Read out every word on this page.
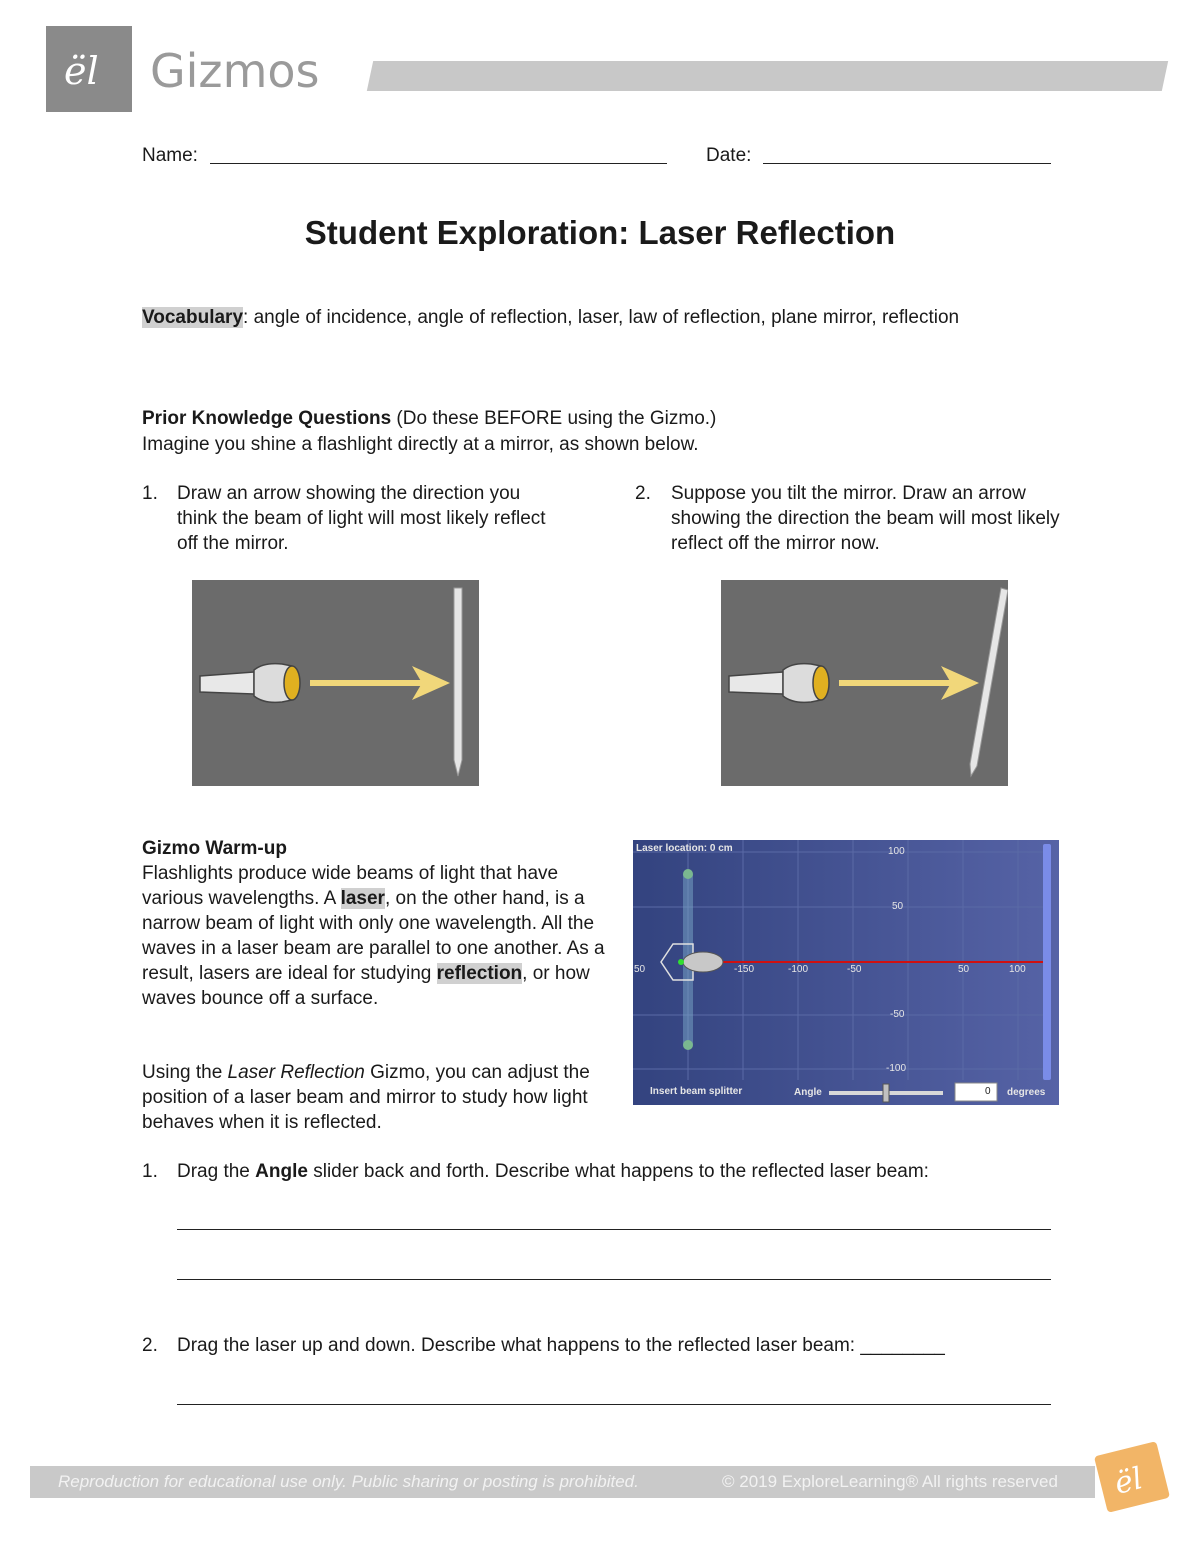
ël Gizmos
Name:	Date:
Student Exploration: Laser Reflection
Vocabulary: angle of incidence, angle of reflection, laser, law of reflection, plane mirror, reflection
Prior Knowledge Questions (Do these BEFORE using the Gizmo.)
Imagine you shine a flashlight directly at a mirror, as shown below.
1.	Draw an arrow showing the direction you think the beam of light will most likely reflect off the mirror.
2.	Suppose you tilt the mirror. Draw an arrow showing the direction the beam will most likely reflect off the mirror now.
Gizmo Warm-up
Flashlights produce wide beams of light that have various wavelengths. A laser, on the other hand, is a narrow beam of light with only one wavelength. All the waves in a laser beam are parallel to one another. As a result, lasers are ideal for studying reflection, or how waves bounce off a surface.
Using the Laser Reflection Gizmo, you can adjust the position of a laser beam and mirror to study how light behaves when it is reflected.
Laser location: 0 cm	100
50
-50
-100
50	-150	-100	-50	50	100
Insert beam splitter	Angle	0 degrees
1.	Drag the Angle slider back and forth. Describe what happens to the reflected laser beam:
2.	Drag the laser up and down. Describe what happens to the reflected laser beam: ________
Reproduction for educational use only. Public sharing or posting is prohibited.	© 2019 ExploreLearning® All rights reserved ël
